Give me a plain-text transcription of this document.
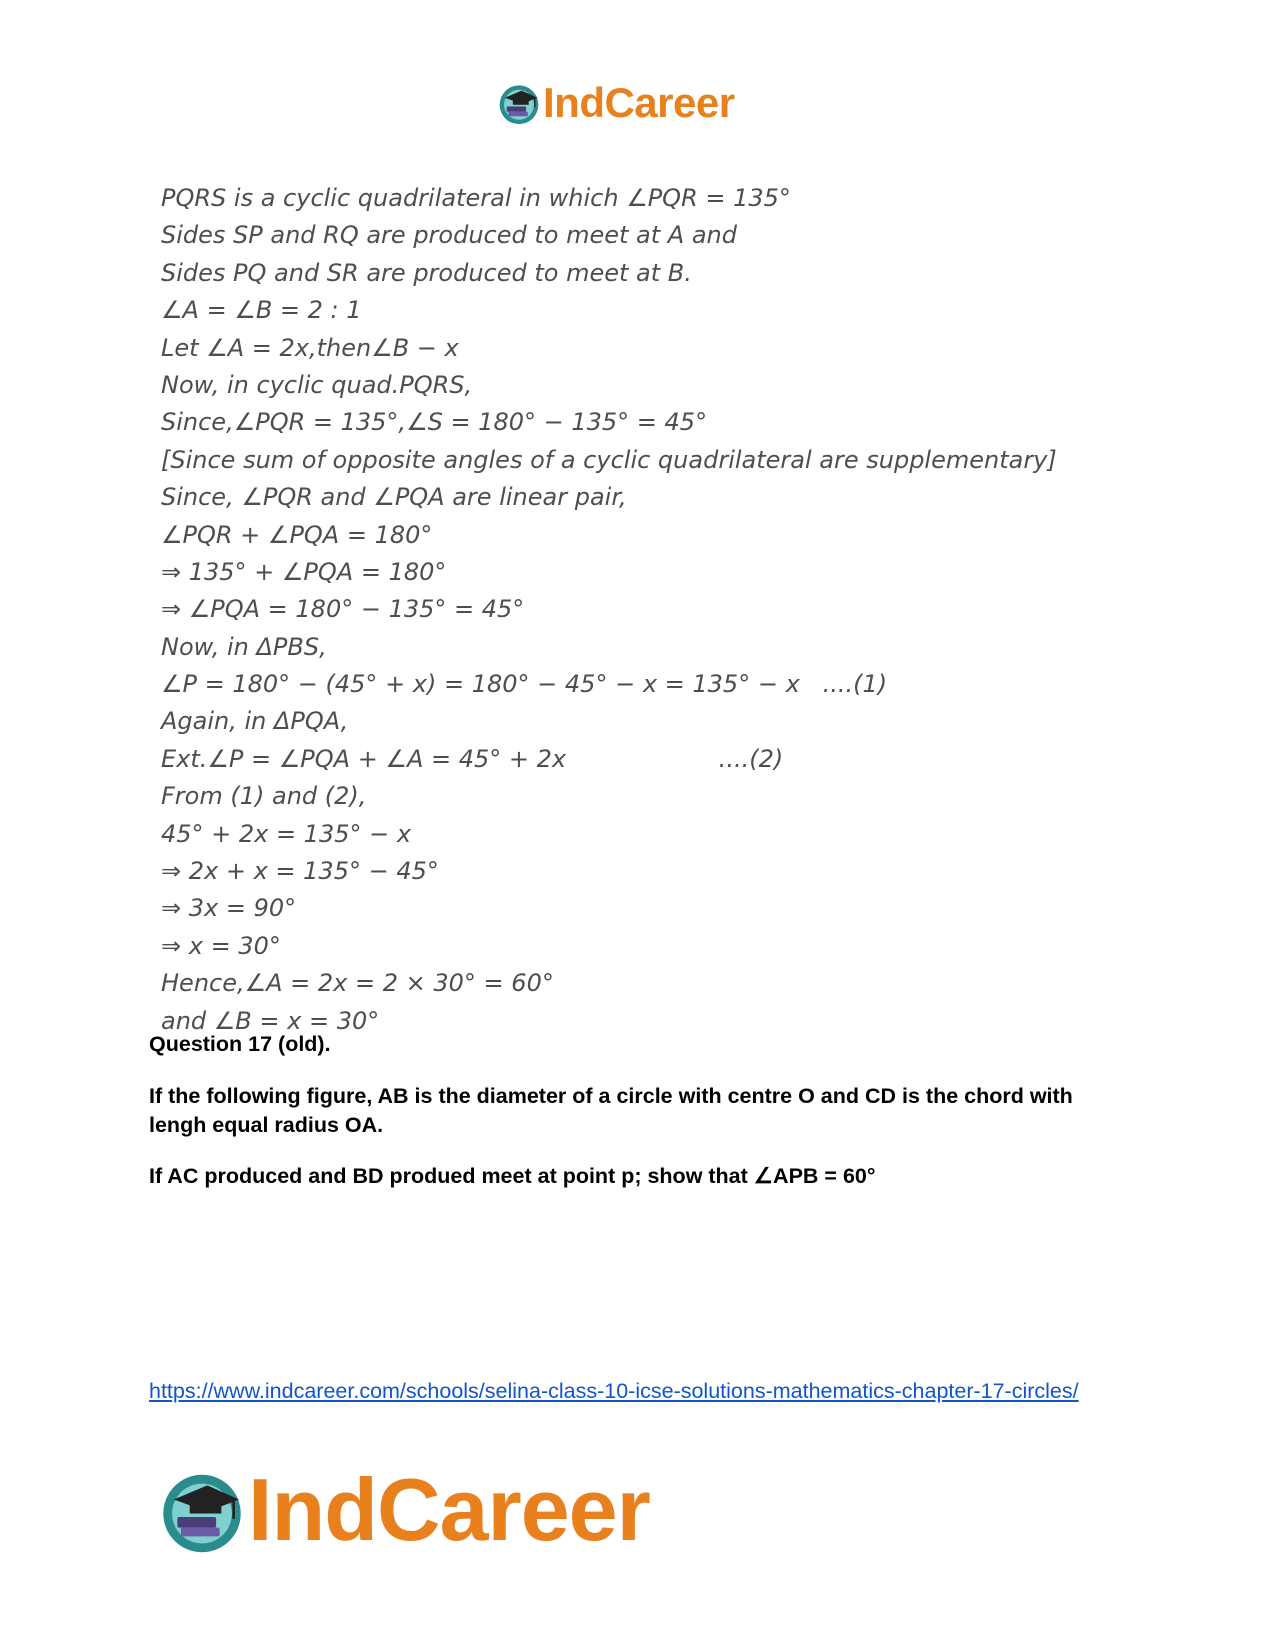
IndCareer
PQRS is a cyclic quadrilateral in which ∠PQR = 135°
Sides SP and RQ are produced to meet at A and
Sides PQ and SR are produced to meet at B.
∠A = ∠B = 2 : 1
Let ∠A = 2x,then∠B − x
Now, in cyclic quad.PQRS,
Since,∠PQR = 135°,∠S = 180° − 135° = 45°
[Since sum of opposite angles of a cyclic quadrilateral are supplementary]
Since, ∠PQR and ∠PQA are linear pair,
∠PQR + ∠PQA = 180°
⇒ 135° + ∠PQA = 180°
⇒ ∠PQA = 180° − 135° = 45°
Now, in ΔPBS,
∠P = 180° − (45° + x) = 180° − 45° − x = 135° − x   ....(1)
Again, in ΔPQA,
Ext.∠P = ∠PQA + ∠A = 45° + 2x                    ....(2)
From (1) and (2),
45° + 2x = 135° − x
⇒ 2x + x = 135° − 45°
⇒ 3x = 90°
⇒ x = 30°
Hence,∠A = 2x = 2 × 30° = 60°
and ∠B = x = 30°
Question 17 (old).
If the following figure, AB is the diameter of a circle with centre O and CD is the chord with lengh equal radius OA.
If AC produced and BD produed meet at point p; show that ∠APB = 60°
https://www.indcareer.com/schools/selina-class-10-icse-solutions-mathematics-chapter-17-circles/
IndCareer
